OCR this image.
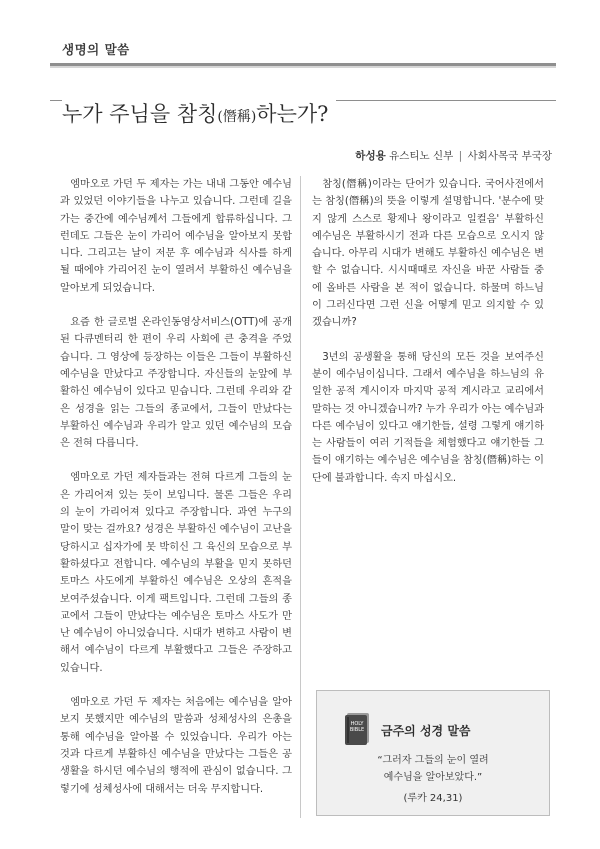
생명의 말씀
누가 주님을 참칭(僭稱)하는가?
하성용 유스티노 신부 | 사회사목국 부국장

엠마오로 가던 두 제자는 가는 내내 그동안 예수님과 있었던 이야기들을 나누고 있습니다. 그런데 길을 가는 중간에 예수님께서 그들에게 합류하십니다. 그런데도 그들은 눈이 가리어 예수님을 알아보지 못합니다. 그리고는 날이 저문 후 예수님과 식사를 하게 될 때에야 가리어진 눈이 열려서 부활하신 예수님을 알아보게 되었습니다.

요즘 한 글로벌 온라인동영상서비스(OTT)에 공개된 다큐멘터리 한 편이 우리 사회에 큰 충격을 주었습니다. 그 영상에 등장하는 이들은 그들이 부활하신 예수님을 만났다고 주장합니다. 자신들의 눈앞에 부활하신 예수님이 있다고 믿습니다. 그런데 우리와 같은 성경을 읽는 그들의 종교에서, 그들이 만났다는 부활하신 예수님과 우리가 알고 있던 예수님의 모습은 전혀 다릅니다.

엠마오로 가던 제자들과는 전혀 다르게 그들의 눈은 가리어져 있는 듯이 보입니다. 물론 그들은 우리의 눈이 가리어져 있다고 주장합니다. 과연 누구의 말이 맞는 걸까요? 성경은 부활하신 예수님이 고난을 당하시고 십자가에 못 박히신 그 육신의 모습으로 부활하셨다고 전합니다. 예수님의 부활을 믿지 못하던 토마스 사도에게 부활하신 예수님은 오상의 흔적을 보여주셨습니다. 이게 팩트입니다. 그런데 그들의 종교에서 그들이 만났다는 예수님은 토마스 사도가 만난 예수님이 아니었습니다. 시대가 변하고 사람이 변해서 예수님이 다르게 부활했다고 그들은 주장하고 있습니다.

엠마오로 가던 두 제자는 처음에는 예수님을 알아보지 못했지만 예수님의 말씀과 성체성사의 은총을 통해 예수님을 알아볼 수 있었습니다. 우리가 아는 것과 다르게 부활하신 예수님을 만났다는 그들은 공생활을 하시던 예수님의 행적에 관심이 없습니다. 그렇기에 성체성사에 대해서는 더욱 무지합니다.

참칭(僭稱)이라는 단어가 있습니다. 국어사전에서는 참칭(僭稱)의 뜻을 이렇게 설명합니다. '분수에 맞지 않게 스스로 황제나 왕이라고 일컬음' 부활하신 예수님은 부활하시기 전과 다른 모습으로 오시지 않습니다. 아무리 시대가 변해도 부활하신 예수님은 변할 수 없습니다. 시시때때로 자신을 바꾼 사람들 중에 올바른 사람을 본 적이 없습니다. 하물며 하느님이 그러신다면 그런 신을 어떻게 믿고 의지할 수 있겠습니까?

3년의 공생활을 통해 당신의 모든 것을 보여주신 분이 예수님이십니다. 그래서 예수님을 하느님의 유일한 공적 계시이자 마지막 공적 계시라고 교리에서 말하는 것 아니겠습니까? 누가 우리가 아는 예수님과 다른 예수님이 있다고 얘기한들, 설령 그렇게 얘기하는 사람들이 여러 기적들을 체험했다고 얘기한들 그들이 얘기하는 예수님은 예수님을 참칭(僭稱)하는 이단에 불과합니다. 속지 마십시오.

HOLY
BIBLE 금주의 성경 말씀
“그러자 그들의 눈이 열려
예수님을 알아보았다.”

(루카 24,31)
